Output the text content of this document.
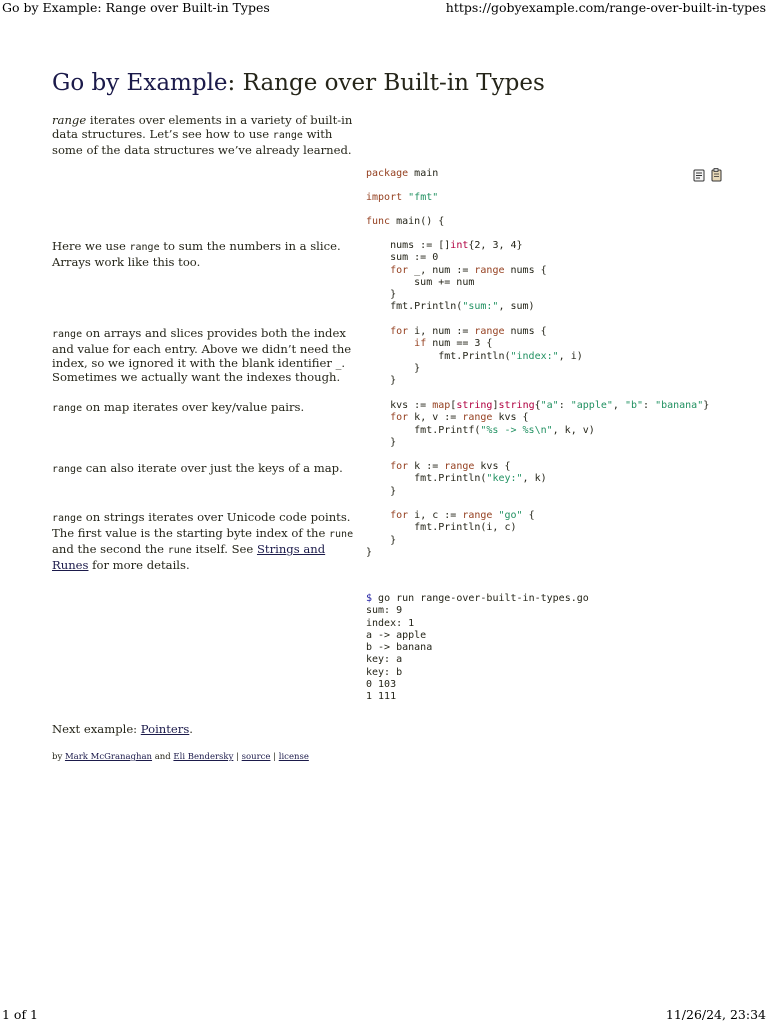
Go by Example: Range over Built-in Types	https://gobyexample.com/range-over-built-in-types
Go by Example: Range over Built-in Types
range iterates over elements in a variety of built-in data structures. Let’s see how to use range with some of the data structures we’ve already learned.

package main
import "fmt"
func main() {
Here we use range to sum the numbers in a slice. Arrays work like this too.
nums := []int{2, 3, 4}
sum := 0
for _, num := range nums {
sum += num
}
fmt.Println("sum:", sum)
range on arrays and slices provides both the index and value for each entry. Above we didn’t need the index, so we ignored it with the blank identifier _. Sometimes we actually want the indexes though.
for i, num := range nums {
if num == 3 {
fmt.Println("index:", i)
}
}
range on map iterates over key/value pairs.	kvs := map[string]string{"a": "apple", "b": "banana"}
for k, v := range kvs {
fmt.Printf("%s -> %s\n", k, v)
}
range can also iterate over just the keys of a map.	for k := range kvs {
fmt.Println("key:", k)
}
range on strings iterates over Unicode code points. The first value is the starting byte index of the rune and the second the rune itself. See Strings and Runes for more details.
for i, c := range "go" {
fmt.Println(i, c)
}
}
$ go run range-over-built-in-types.go
sum: 9
index: 1
a -> apple
b -> banana
key: a
key: b
0 103
1 111
Next example: Pointers.
by Mark McGranaghan and Eli Bendersky | source | license
1 of 1	11/26/24, 23:34
